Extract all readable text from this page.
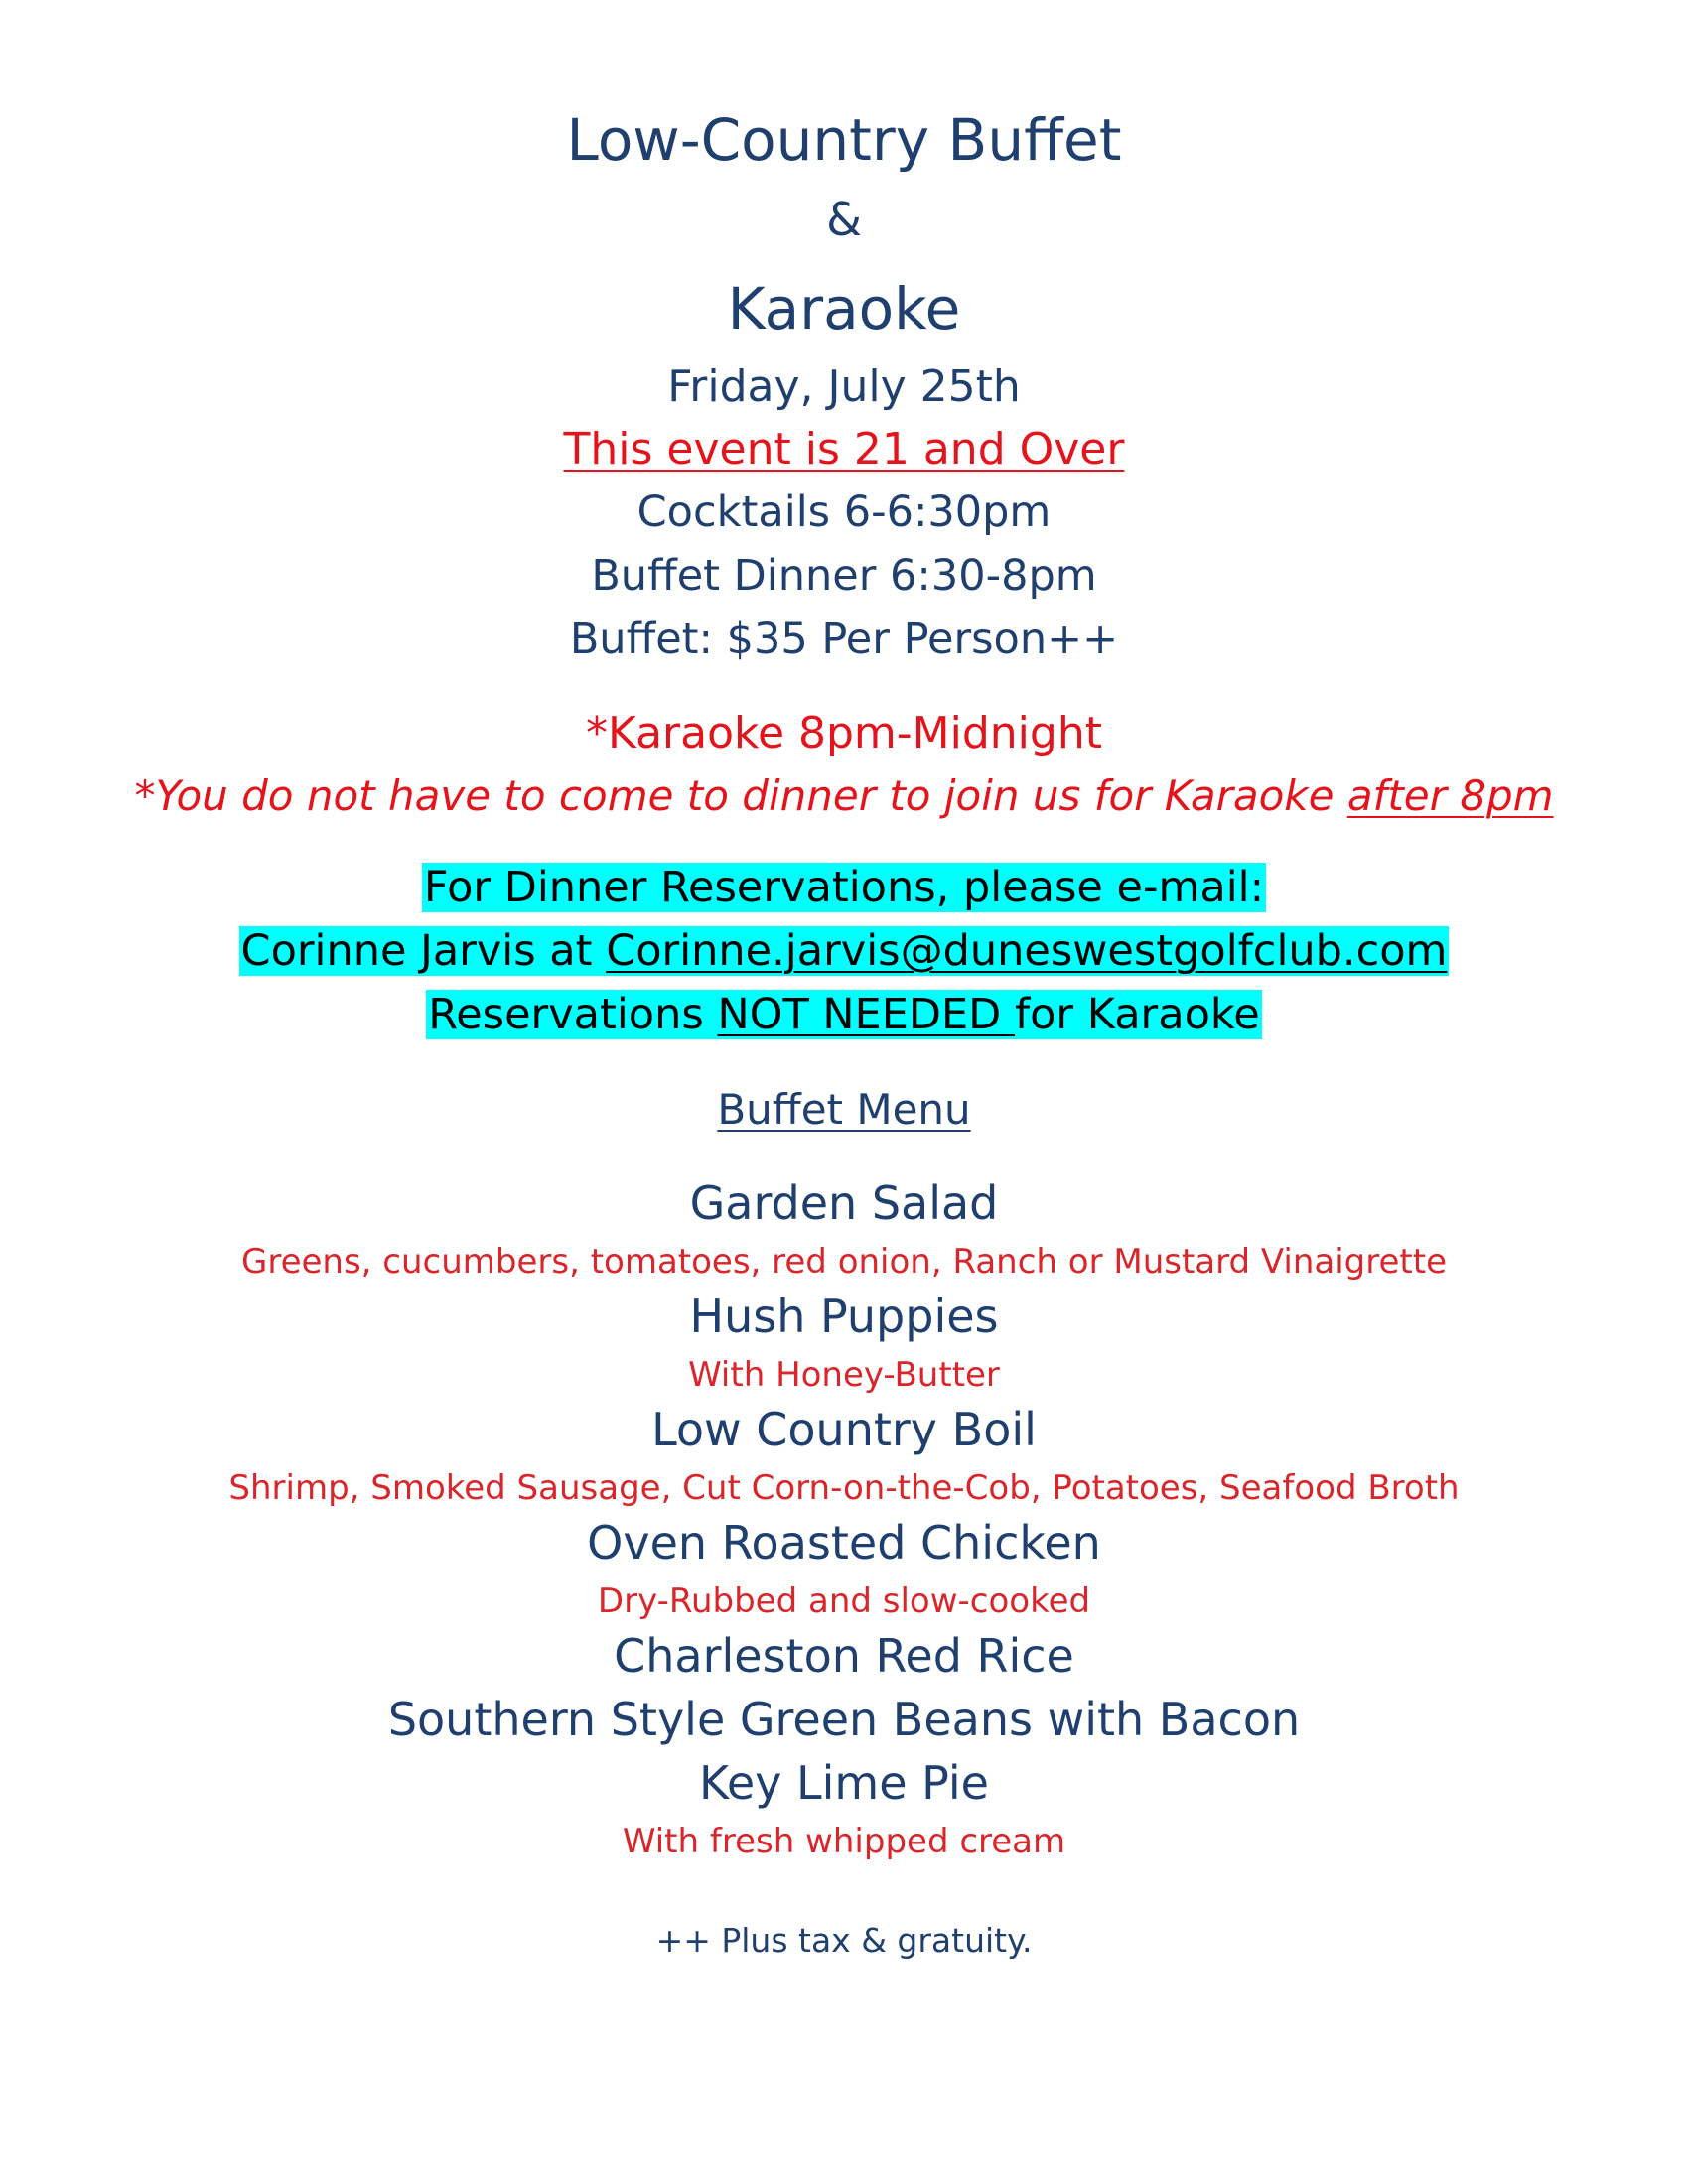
Low-Country Buffet
&
Karaoke
Friday, July 25th
This event is 21 and Over
Cocktails 6-6:30pm
Buffet Dinner 6:30-8pm
Buffet: $35 Per Person++
*Karaoke 8pm-Midnight
*You do not have to come to dinner to join us for Karaoke after 8pm
For Dinner Reservations, please e-mail:
Corinne Jarvis at Corinne.jarvis@duneswestgolfclub.com
Reservations NOT NEEDED for Karaoke
Buffet Menu
Garden Salad
Greens, cucumbers, tomatoes, red onion, Ranch or Mustard Vinaigrette
Hush Puppies
With Honey-Butter
Low Country Boil
Shrimp, Smoked Sausage, Cut Corn-on-the-Cob, Potatoes, Seafood Broth
Oven Roasted Chicken
Dry-Rubbed and slow-cooked
Charleston Red Rice
Southern Style Green Beans with Bacon
Key Lime Pie
With fresh whipped cream
++ Plus tax & gratuity.
